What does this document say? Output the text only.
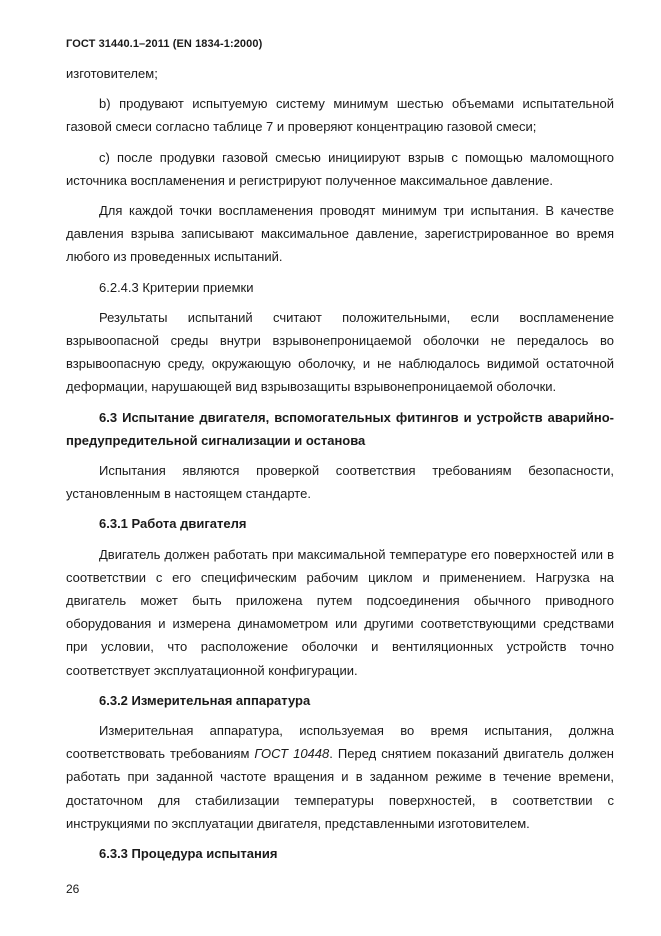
ГОСТ 31440.1–2011 (EN 1834-1:2000)

изготовителем;

b) продувают испытуемую систему минимум шестью объемами испытательной газовой смеси согласно таблице 7 и проверяют концентрацию газовой смеси;

c) после продувки газовой смесью инициируют взрыв с помощью маломощного источника воспламенения и регистрируют полученное максимальное давление.

Для каждой точки воспламенения проводят минимум три испытания. В качестве давления взрыва записывают максимальное давление, зарегистрированное во время любого из проведенных испытаний.

6.2.4.3 Критерии приемки

Результаты испытаний считают положительными, если воспламенение взрывоопасной среды внутри взрывонепроницаемой оболочки не передалось во взрывоопасную среду, окружающую оболочку, и не наблюдалось видимой остаточной деформации, нарушающей вид взрывозащиты взрывонепроницаемой оболочки.

6.3 Испытание двигателя, вспомогательных фитингов и устройств аварийно-предупредительной сигнализации и останова

Испытания являются проверкой соответствия требованиям безопасности, установленным в настоящем стандарте.

6.3.1 Работа двигателя

Двигатель должен работать при максимальной температуре его поверхностей или в соответствии с его специфическим рабочим циклом и применением. Нагрузка на двигатель может быть приложена путем подсоединения обычного приводного оборудования и измерена динамометром или другими соответствующими средствами при условии, что расположение оболочки и вентиляционных устройств точно соответствует эксплуатационной конфигурации.

6.3.2 Измерительная аппаратура

Измерительная аппаратура, используемая во время испытания, должна соответствовать требованиям ГОСТ 10448. Перед снятием показаний двигатель должен работать при заданной частоте вращения и в заданном режиме в течение времени, достаточном для стабилизации температуры поверхностей, в соответствии с инструкциями по эксплуатации двигателя, представленными изготовителем.

6.3.3 Процедура испытания

26
